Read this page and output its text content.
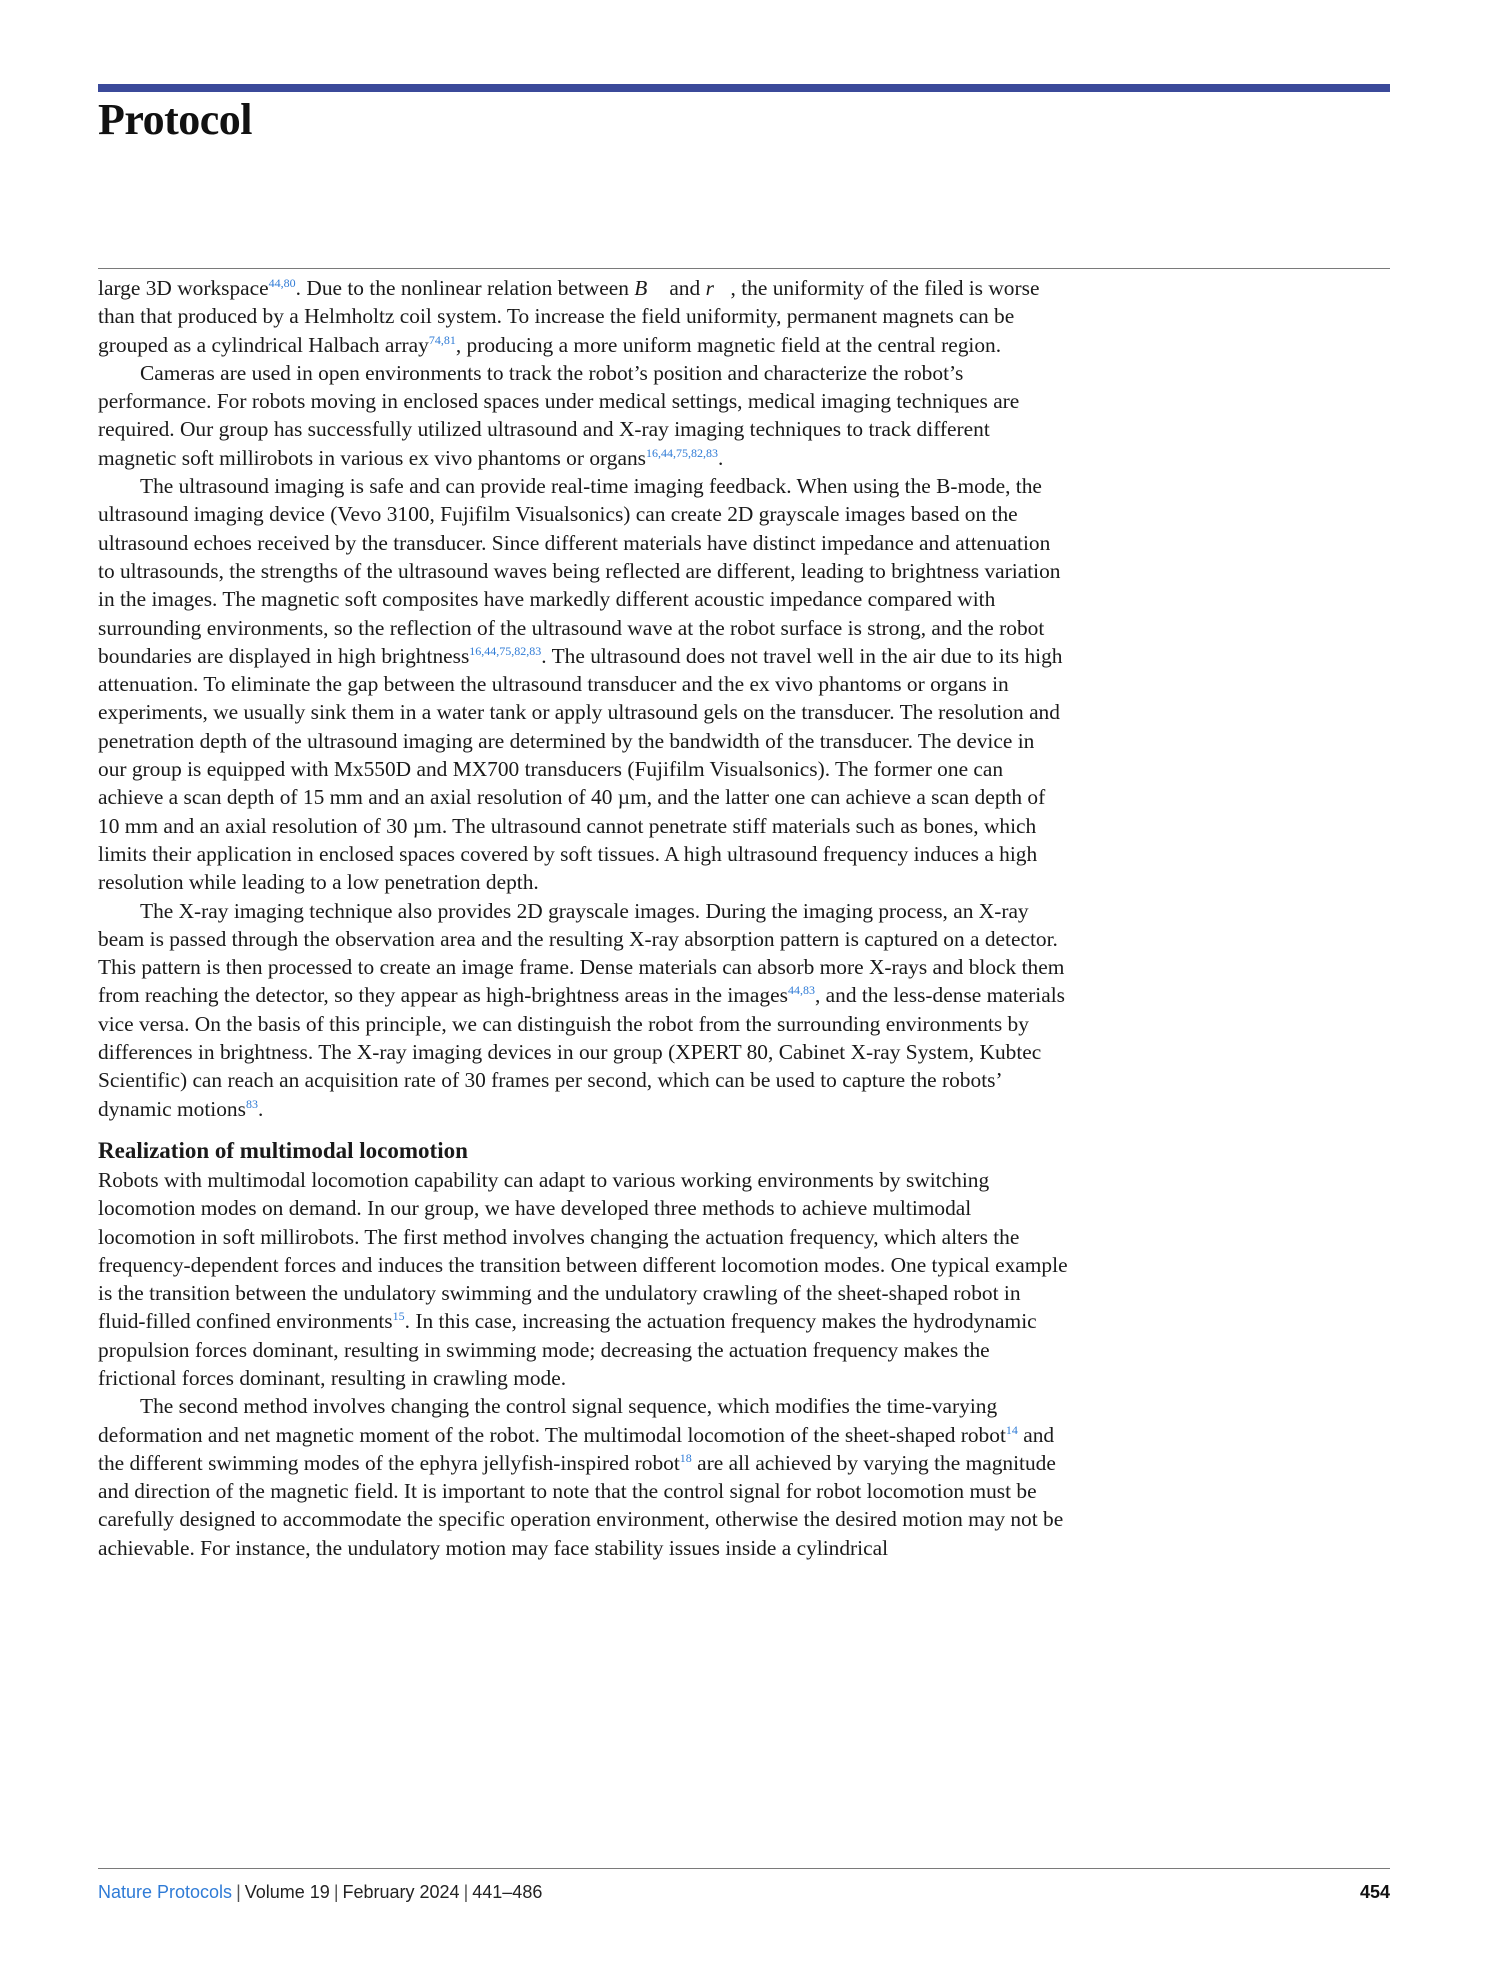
Protocol

large 3D workspace$^{44,80}$. Due to the nonlinear relation between B⃗ and r⃗, the uniformity of the filed is worse than that produced by a Helmholtz coil system. To increase the field uniformity, permanent magnets can be grouped as a cylindrical Halbach array$^{74,81}$, producing a more uniform magnetic field at the central region.

Cameras are used in open environments to track the robot’s position and characterize the robot’s performance. For robots moving in enclosed spaces under medical settings, medical imaging techniques are required. Our group has successfully utilized ultrasound and X-ray imaging techniques to track different magnetic soft millirobots in various ex vivo phantoms or organs$^{16,44,75,82,83}$.

The ultrasound imaging is safe and can provide real-time imaging feedback. When using the B-mode, the ultrasound imaging device (Vevo 3100, Fujifilm Visualsonics) can create 2D grayscale images based on the ultrasound echoes received by the transducer. Since different materials have distinct impedance and attenuation to ultrasounds, the strengths of the ultrasound waves being reflected are different, leading to brightness variation in the images. The magnetic soft composites have markedly different acoustic impedance compared with surrounding environments, so the reflection of the ultrasound wave at the robot surface is strong, and the robot boundaries are displayed in high brightness$^{16,44,75,82,83}$. The ultrasound does not travel well in the air due to its high attenuation. To eliminate the gap between the ultrasound transducer and the ex vivo phantoms or organs in experiments, we usually sink them in a water tank or apply ultrasound gels on the transducer. The resolution and penetration depth of the ultrasound imaging are determined by the bandwidth of the transducer. The device in our group is equipped with Mx550D and MX700 transducers (Fujifilm Visualsonics). The former one can achieve a scan depth of 15 mm and an axial resolution of 40 µm, and the latter one can achieve a scan depth of 10 mm and an axial resolution of 30 µm. The ultrasound cannot penetrate stiff materials such as bones, which limits their application in enclosed spaces covered by soft tissues. A high ultrasound frequency induces a high resolution while leading to a low penetration depth.

The X-ray imaging technique also provides 2D grayscale images. During the imaging process, an X-ray beam is passed through the observation area and the resulting X-ray absorption pattern is captured on a detector. This pattern is then processed to create an image frame. Dense materials can absorb more X-rays and block them from reaching the detector, so they appear as high-brightness areas in the images$^{44,83}$, and the less-dense materials vice versa. On the basis of this principle, we can distinguish the robot from the surrounding environments by differences in brightness. The X-ray imaging devices in our group (XPERT 80, Cabinet X-ray System, Kubtec Scientific) can reach an acquisition rate of 30 frames per second, which can be used to capture the robots’ dynamic motions$^{83}$.

Realization of multimodal locomotion

Robots with multimodal locomotion capability can adapt to various working environments by switching locomotion modes on demand. In our group, we have developed three methods to achieve multimodal locomotion in soft millirobots. The first method involves changing the actuation frequency, which alters the frequency-dependent forces and induces the transition between different locomotion modes. One typical example is the transition between the undulatory swimming and the undulatory crawling of the sheet-shaped robot in fluid-filled confined environments$^{15}$. In this case, increasing the actuation frequency makes the hydrodynamic propulsion forces dominant, resulting in swimming mode; decreasing the actuation frequency makes the frictional forces dominant, resulting in crawling mode.

The second method involves changing the control signal sequence, which modifies the time-varying deformation and net magnetic moment of the robot. The multimodal locomotion of the sheet-shaped robot$^{14}$ and the different swimming modes of the ephyra jellyfish-inspired robot$^{18}$ are all achieved by varying the magnitude and direction of the magnetic field. It is important to note that the control signal for robot locomotion must be carefully designed to accommodate the specific operation environment, otherwise the desired motion may not be achievable. For instance, the undulatory motion may face stability issues inside a cylindrical

Nature Protocols | Volume 19 | February 2024 | 441–486	454
